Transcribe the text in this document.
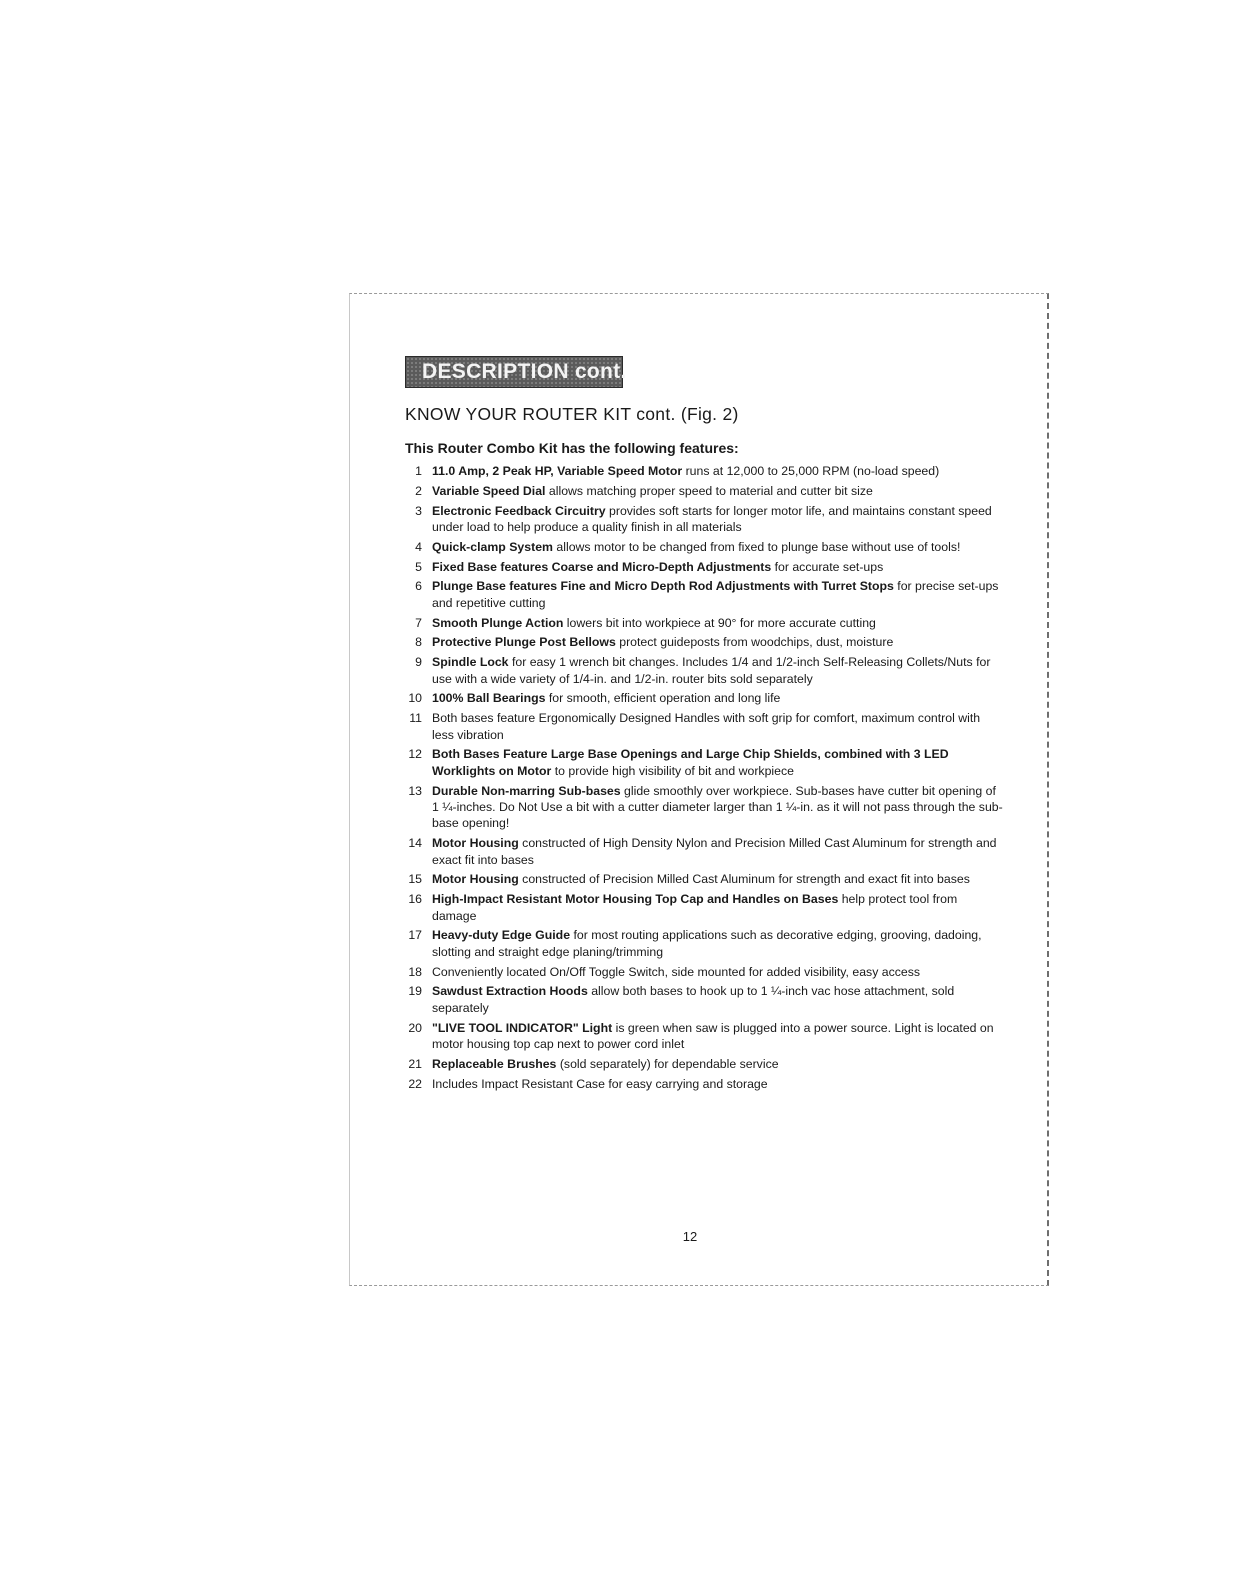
DESCRIPTION cont.
KNOW YOUR ROUTER KIT cont. (Fig. 2)

This Router Combo Kit has the following features:

1 11.0 Amp, 2 Peak HP, Variable Speed Motor runs at 12,000 to 25,000 RPM (no-load speed)
2 Variable Speed Dial allows matching proper speed to material and cutter bit size
3 Electronic Feedback Circuitry provides soft starts for longer motor life, and maintains constant speed under load to help produce a quality finish in all materials
4 Quick-clamp System allows motor to be changed from fixed to plunge base without use of tools!
5 Fixed Base features Coarse and Micro-Depth Adjustments for accurate set-ups
6 Plunge Base features Fine and Micro Depth Rod Adjustments with Turret Stops for precise set-ups and repetitive cutting
7 Smooth Plunge Action lowers bit into workpiece at 90° for more accurate cutting
8 Protective Plunge Post Bellows protect guideposts from woodchips, dust, moisture
9 Spindle Lock for easy 1 wrench bit changes. Includes 1/4 and 1/2-inch Self-Releasing Collets/Nuts for use with a wide variety of 1/4-in. and 1/2-in. router bits sold separately
10 100% Ball Bearings for smooth, efficient operation and long life
11 Both bases feature Ergonomically Designed Handles with soft grip for comfort, maximum control with less vibration
12 Both Bases Feature Large Base Openings and Large Chip Shields, combined with 3 LED Worklights on Motor to provide high visibility of bit and workpiece
13 Durable Non-marring Sub-bases glide smoothly over workpiece. Sub-bases have cutter bit opening of 1 ¼-inches. Do Not Use a bit with a cutter diameter larger than 1 ¼-in. as it will not pass through the sub-base opening!
14 Motor Housing constructed of High Density Nylon and Precision Milled Cast Aluminum for strength and exact fit into bases
15 Motor Housing constructed of Precision Milled Cast Aluminum for strength and exact fit into bases
16 High-Impact Resistant Motor Housing Top Cap and Handles on Bases help protect tool from damage
17 Heavy-duty Edge Guide for most routing applications such as decorative edging, grooving, dadoing, slotting and straight edge planing/trimming
18 Conveniently located On/Off Toggle Switch, side mounted for added visibility, easy access
19 Sawdust Extraction Hoods allow both bases to hook up to 1 ¼-inch vac hose attachment, sold separately
20 "LIVE TOOL INDICATOR" Light is green when saw is plugged into a power source. Light is located on motor housing top cap next to power cord inlet
21 Replaceable Brushes (sold separately) for dependable service
22 Includes Impact Resistant Case for easy carrying and storage
12
